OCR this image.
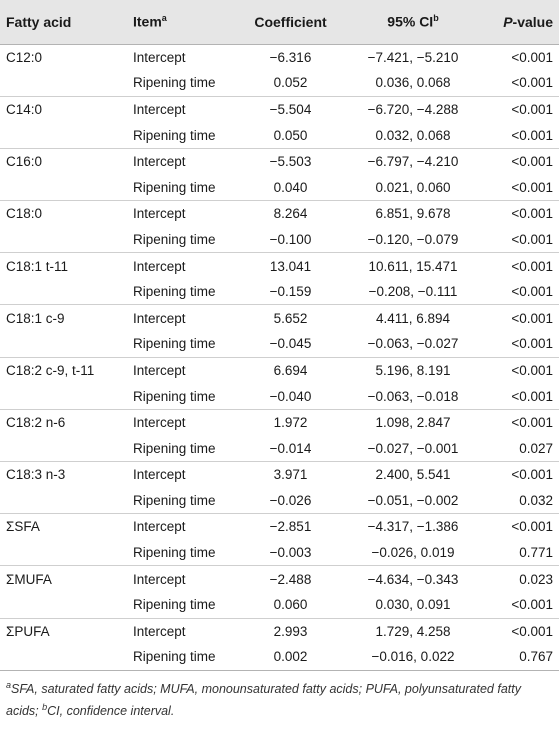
Fatty acid	Item$^a$	Coefficient	95% $CI^b$	P-value
C12:0	Intercept	−6.316	−7.421, −5.210	<0.001
	Ripening time	0.052	0.036, 0.068	<0.001
C14:0	Intercept	−5.504	−6.720, −4.288	<0.001
	Ripening time	0.050	0.032, 0.068	<0.001
C16:0	Intercept	−5.503	−6.797, −4.210	<0.001
	Ripening time	0.040	0.021, 0.060	<0.001
C18:0	Intercept	8.264	6.851, 9.678	<0.001
	Ripening time	−0.100	−0.120, −0.079	<0.001
C18:1 t-11	Intercept	13.041	10.611, 15.471	<0.001
	Ripening time	−0.159	−0.208, −0.111	<0.001
C18:1 c-9	Intercept	5.652	4.411, 6.894	<0.001
	Ripening time	−0.045	−0.063, −0.027	<0.001
C18:2 c-9, t-11	Intercept	6.694	5.196, 8.191	<0.001
	Ripening time	−0.040	−0.063, −0.018	<0.001
C18:2 n-6	Intercept	1.972	1.098, 2.847	<0.001
	Ripening time	−0.014	−0.027, −0.001	0.027
C18:3 n-3	Intercept	3.971	2.400, 5.541	<0.001
	Ripening time	−0.026	−0.051, −0.002	0.032
ΣSFA	Intercept	−2.851	−4.317, −1.386	<0.001
	Ripening time	−0.003	−0.026, 0.019	0.771
ΣMUFA	Intercept	−2.488	−4.634, −0.343	0.023
	Ripening time	0.060	0.030, 0.091	<0.001
ΣPUFA	Intercept	2.993	1.729, 4.258	<0.001
	Ripening time	0.002	−0.016, 0.022	0.767
$^a$SFA, saturated fatty acids; MUFA, monounsaturated fatty acids; PUFA, polyunsaturated fatty acids; $^b$CI, confidence interval.
